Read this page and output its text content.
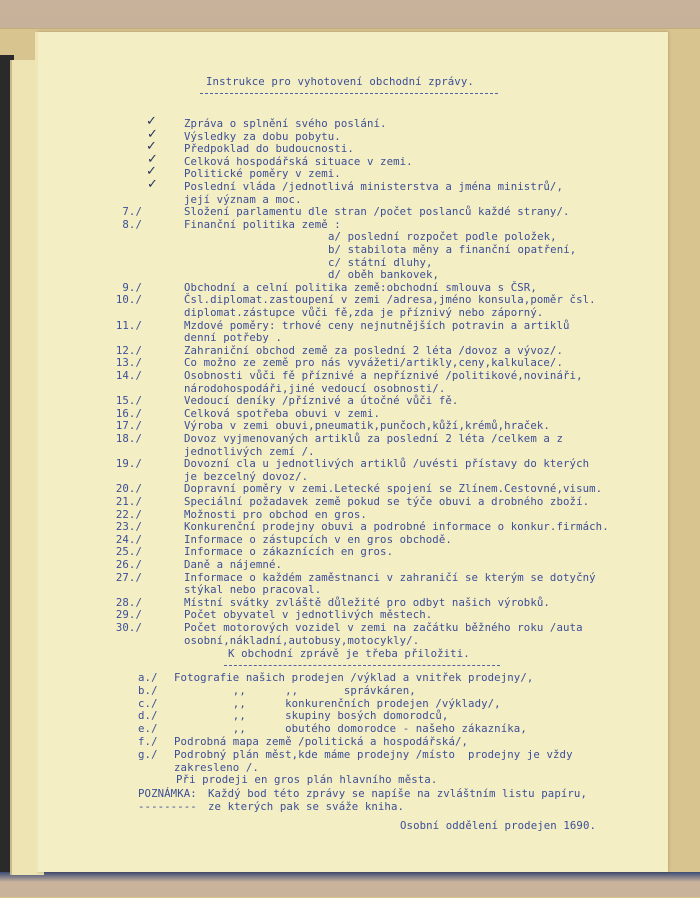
Instrukce pro vyhotovení obchodní zprávy.
Zpráva o splnění svého poslání.
Výsledky za dobu pobytu.
Předpoklad do budoucnosti.
Celková hospodářská situace v zemi.
Politické poměry v zemi.
Poslední vláda /jednotlivá ministerstva a jména ministrů/,
její význam a moc.
7./	Složení parlamentu dle stran /počet poslanců každé strany/.
8./	Finanční politika země :
a/ poslední rozpočet podle položek,
b/ stabilota měny a finanční opatření,
c/ státní dluhy,
d/ oběh bankovek,
9./	Obchodní a celní politika země:obchodní smlouva s ČSR,
10./	Čsl.diplomat.zastoupení v zemi /adresa,jméno konsula,poměr čsl.
diplomat.zástupce vůči fě,zda je příznivý nebo záporný.
11./	Mzdové poměry: trhové ceny nejnutnějších potravin a artiklů
denní potřeby .
12./	Zahraniční obchod země za poslední 2 léta /dovoz a vývoz/.
13./	Co možno ze země pro nás vyvážeti/artikly,ceny,kalkulace/.
14./	Osobnosti vůči fě příznivé a nepříznivé /politikové,novináři,
národohospodáři,jiné vedoucí osobnosti/.
15./	Vedoucí deníky /příznivé a útočné vůči fě.
16./	Celková spotřeba obuvi v zemi.
17./	Výroba v zemi obuvi,pneumatik,punčoch,kůží,krémů,hraček.
18./	Dovoz vyjmenovaných artiklů za poslední 2 léta /celkem a z
jednotlivých zemí /.
19./	Dovozní cla u jednotlivých artiklů /uvésti přístavy do kterých
je bezcelný dovoz/.
20./	Dopravní poměry v zemi.Letecké spojení se Zlínem.Cestovné,visum.
21./	Speciální požadavek země pokud se týče obuvi a drobného zboží.
22./	Možnosti pro obchod en gros.
23./	Konkurenční prodejny obuvi a podrobné informace o konkur.firmách.
24./	Informace o zástupcích v en gros obchodě.
25./	Informace o zákaznících en gros.
26./	Daně a nájemné.
27./	Informace o každém zaměstnanci v zahraničí se kterým se dotyčný
stýkal nebo pracoval.
28./	Místní svátky zvláště důležité pro odbyt našich výrobků.
29./	Počet obyvatel v jednotlivých městech.
30./	Počet motorových vozidel v zemi na začátku běžného roku /auta
osobní,nákladní,autobusy,motocykly/.
✓
✓
✓
✓
✓
✓
K obchodní zprávě je třeba přiložiti.
a./ Fotografie našich prodejen /výklad a vnitřek prodejny/,
b./ ,,      ,,       správkáren,
c./ ,,      konkurenčních prodejen /výklady/,
d./ ,,      skupiny bosých domorodců,
e./ ,,      obutého domorodce - našeho zákazníka,
f./ Podrobná mapa země /politická a hospodářská/,
g./ Podrobný plán měst,kde máme prodejny /místo  prodejny je vždy
zakresleno /.
Při prodeji en gros plán hlavního města.
POZNÁMKA: Každý bod této zprávy se napíše na zvláštním listu papíru,
--------- ze kterých pak se sváže kniha.
Osobní oddělení prodejen 1690.
